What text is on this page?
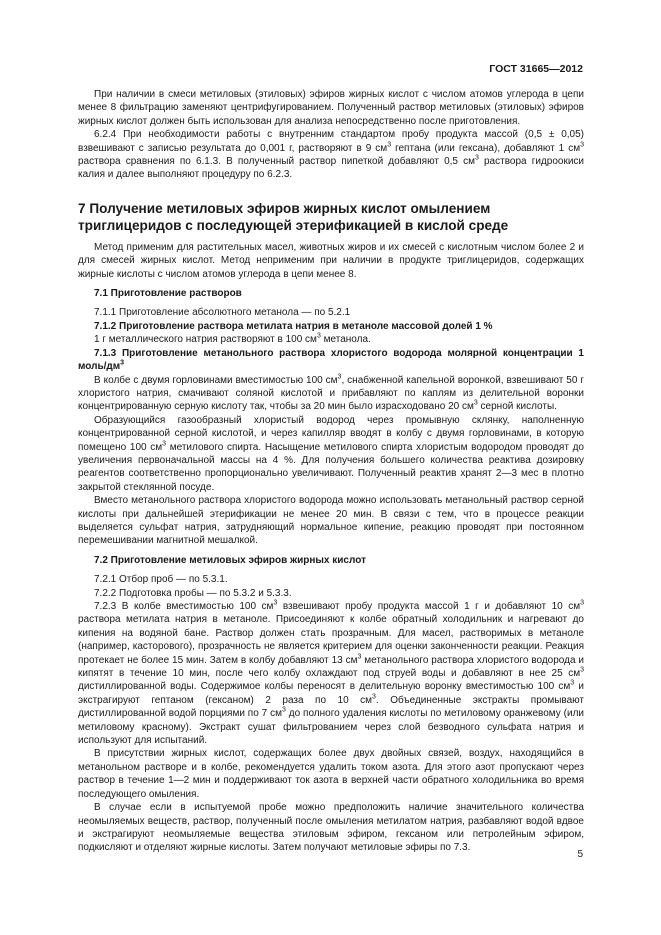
ГОСТ 31665—2012

При наличии в смеси метиловых (этиловых) эфиров жирных кислот с числом атомов углерода в цепи менее 8 фильтрацию заменяют центрифугированием. Полученный раствор метиловых (этиловых) эфиров жирных кислот должен быть использован для анализа непосредственно после приготовления.

6.2.4 При необходимости работы с внутренним стандартом пробу продукта массой (0,5 ± 0,05) взвешивают с записью результата до 0,001 г, растворяют в 9 $см^3$ гептана (или гексана), добавляют 1 $см^3$ раствора сравнения по 6.1.3. В полученный раствор пипеткой добавляют 0,5 $см^3$ раствора гидроокиси калия и далее выполняют процедуру по 6.2.3.

7 Получение метиловых эфиров жирных кислот омылением триглицеридов с последующей этерификацией в кислой среде

Метод применим для растительных масел, животных жиров и их смесей с кислотным числом более 2 и для смесей жирных кислот. Метод неприменим при наличии в продукте триглицеридов, содержащих жирные кислоты с числом атомов углерода в цепи менее 8.

7.1 Приготовление растворов

7.1.1 Приготовление абсолютного метанола — по 5.2.1

7.1.2 Приготовление раствора метилата натрия в метаноле массовой долей 1 %

1 г металлического натрия растворяют в 100 $см^3$ метанола.

7.1.3 Приготовление метанольного раствора хлористого водорода молярной концентрации 1 моль/$дм^3$

В колбе с двумя горловинами вместимостью 100 $см^3$, снабженной капельной воронкой, взвешивают 50 г хлористого натрия, смачивают соляной кислотой и прибавляют по каплям из делительной воронки концентрированную серную кислоту так, чтобы за 20 мин было израсходовано 20 $см^3$ серной кислоты.

Образующийся газообразный хлористый водород через промывную склянку, наполненную концентрированной серной кислотой, и через капилляр вводят в колбу с двумя горловинами, в которую помещено 100 $см^3$ метилового спирта. Насыщение метилового спирта хлористым водородом проводят до увеличения первоначальной массы на 4 %. Для получения большего количества реактива дозировку реагентов соответственно пропорционально увеличивают. Полученный реактив хранят 2—3 мес в плотно закрытой стеклянной посуде.

Вместо метанольного раствора хлористого водорода можно использовать метанольный раствор серной кислоты при дальнейшей этерификации не менее 20 мин. В связи с тем, что в процессе реакции выделяется сульфат натрия, затрудняющий нормальное кипение, реакцию проводят при постоянном перемешивании магнитной мешалкой.

7.2 Приготовление метиловых эфиров жирных кислот

7.2.1 Отбор проб — по 5.3.1.

7.2.2 Подготовка пробы — по 5.3.2 и 5.3.3.

7.2.3 В колбе вместимостью 100 $см^3$ взвешивают пробу продукта массой 1 г и добавляют 10 $см^3$ раствора метилата натрия в метаноле. Присоединяют к колбе обратный холодильник и нагревают до кипения на водяной бане. Раствор должен стать прозрачным. Для масел, растворимых в метаноле (например, касторового), прозрачность не является критерием для оценки законченности реакции. Реакция протекает не более 15 мин. Затем в колбу добавляют 13 $см^3$ метанольного раствора хлористого водорода и кипятят в течение 10 мин, после чего колбу охлаждают под струей воды и добавляют в нее 25 $см^3$ дистиллированной воды. Содержимое колбы переносят в делительную воронку вместимостью 100 $см^3$ и экстрагируют гептаном (гексаном) 2 раза по 10 $см^3$. Объединенные экстракты промывают дистиллированной водой порциями по 7 $см^3$ до полного удаления кислоты по метиловому оранжевому (или метиловому красному). Экстракт сушат фильтрованием через слой безводного сульфата натрия и используют для испытаний.

В присутствии жирных кислот, содержащих более двух двойных связей, воздух, находящийся в метанольном растворе и в колбе, рекомендуется удалить током азота. Для этого азот пропускают через раствор в течение 1—2 мин и поддерживают ток азота в верхней части обратного холодильника во время последующего омыления.

В случае если в испытуемой пробе можно предположить наличие значительного количества неомыляемых веществ, раствор, полученный после омыления метилатом натрия, разбавляют водой вдвое и экстрагируют неомыляемые вещества этиловым эфиром, гексаном или петролейным эфиром, подкисляют и отделяют жирные кислоты. Затем получают метиловые эфиры по 7.3.

5
